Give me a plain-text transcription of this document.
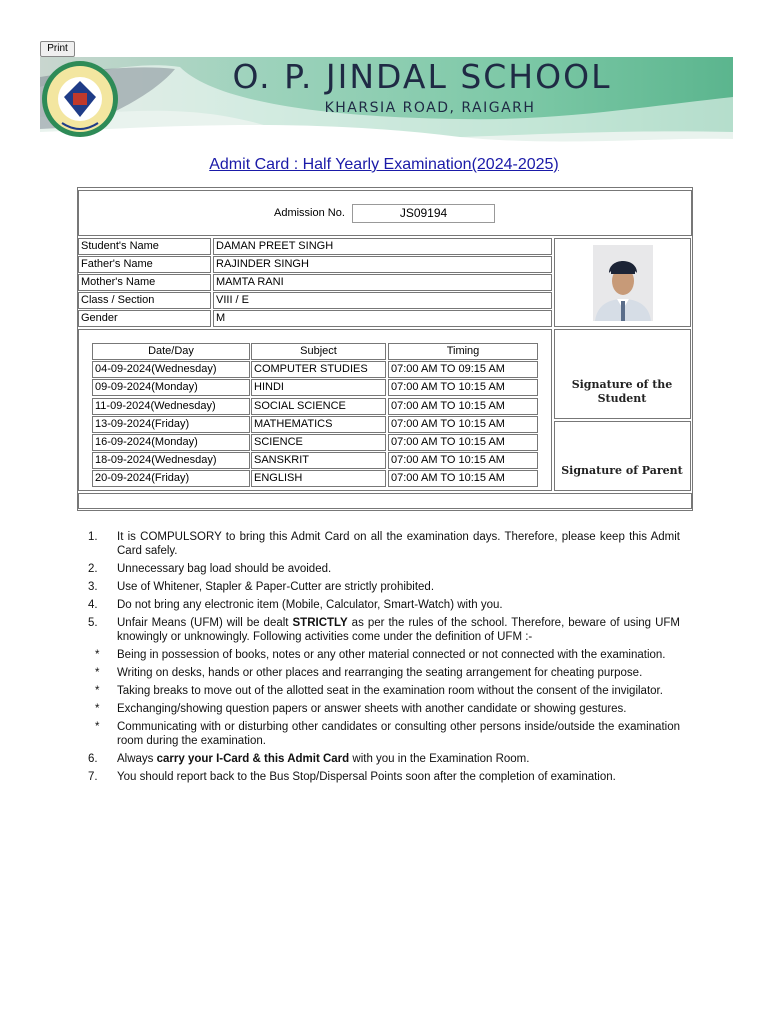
Print
O. P. JINDAL SCHOOL
KHARSIA ROAD, RAIGARH
Admit Card : Half Yearly Examination(2024-2025)
Admission No.	JS09194
Student's Name	DAMAN PREET SINGH
Father's Name	RAJINDER SINGH
Mother's Name	MAMTA RANI
Class / Section	VIII / E
Gender	M
Date/Day	Subject	Timing
04-09-2024(Wednesday)	COMPUTER STUDIES	07:00 AM TO 09:15 AM
09-09-2024(Monday)	HINDI	07:00 AM TO 10:15 AM
11-09-2024(Wednesday)	SOCIAL SCIENCE	07:00 AM TO 10:15 AM
13-09-2024(Friday)	MATHEMATICS	07:00 AM TO 10:15 AM
16-09-2024(Monday)	SCIENCE	07:00 AM TO 10:15 AM
18-09-2024(Wednesday)	SANSKRIT	07:00 AM TO 10:15 AM
20-09-2024(Friday)	ENGLISH	07:00 AM TO 10:15 AM
Signature of the
Student
Signature of Parent
1. It is COMPULSORY to bring this Admit Card on all the examination days. Therefore, please keep this Admit Card safely.
2. Unnecessary bag load should be avoided.
3. Use of Whitener, Stapler & Paper-Cutter are strictly prohibited.
4. Do not bring any electronic item (Mobile, Calculator, Smart-Watch) with you.
5. Unfair Means (UFM) will be dealt STRICTLY as per the rules of the school. Therefore, beware of using UFM knowingly or unknowingly. Following activities come under the definition of UFM :-
* Being in possession of books, notes or any other material connected or not connected with the examination.
* Writing on desks, hands or other places and rearranging the seating arrangement for cheating purpose.
* Taking breaks to move out of the allotted seat in the examination room without the consent of the invigilator.
* Exchanging/showing question papers or answer sheets with another candidate or showing gestures.
* Communicating with or disturbing other candidates or consulting other persons inside/outside the examination room during the examination.
6. Always carry your I-Card & this Admit Card with you in the Examination Room.
7. You should report back to the Bus Stop/Dispersal Points soon after the completion of examination.
